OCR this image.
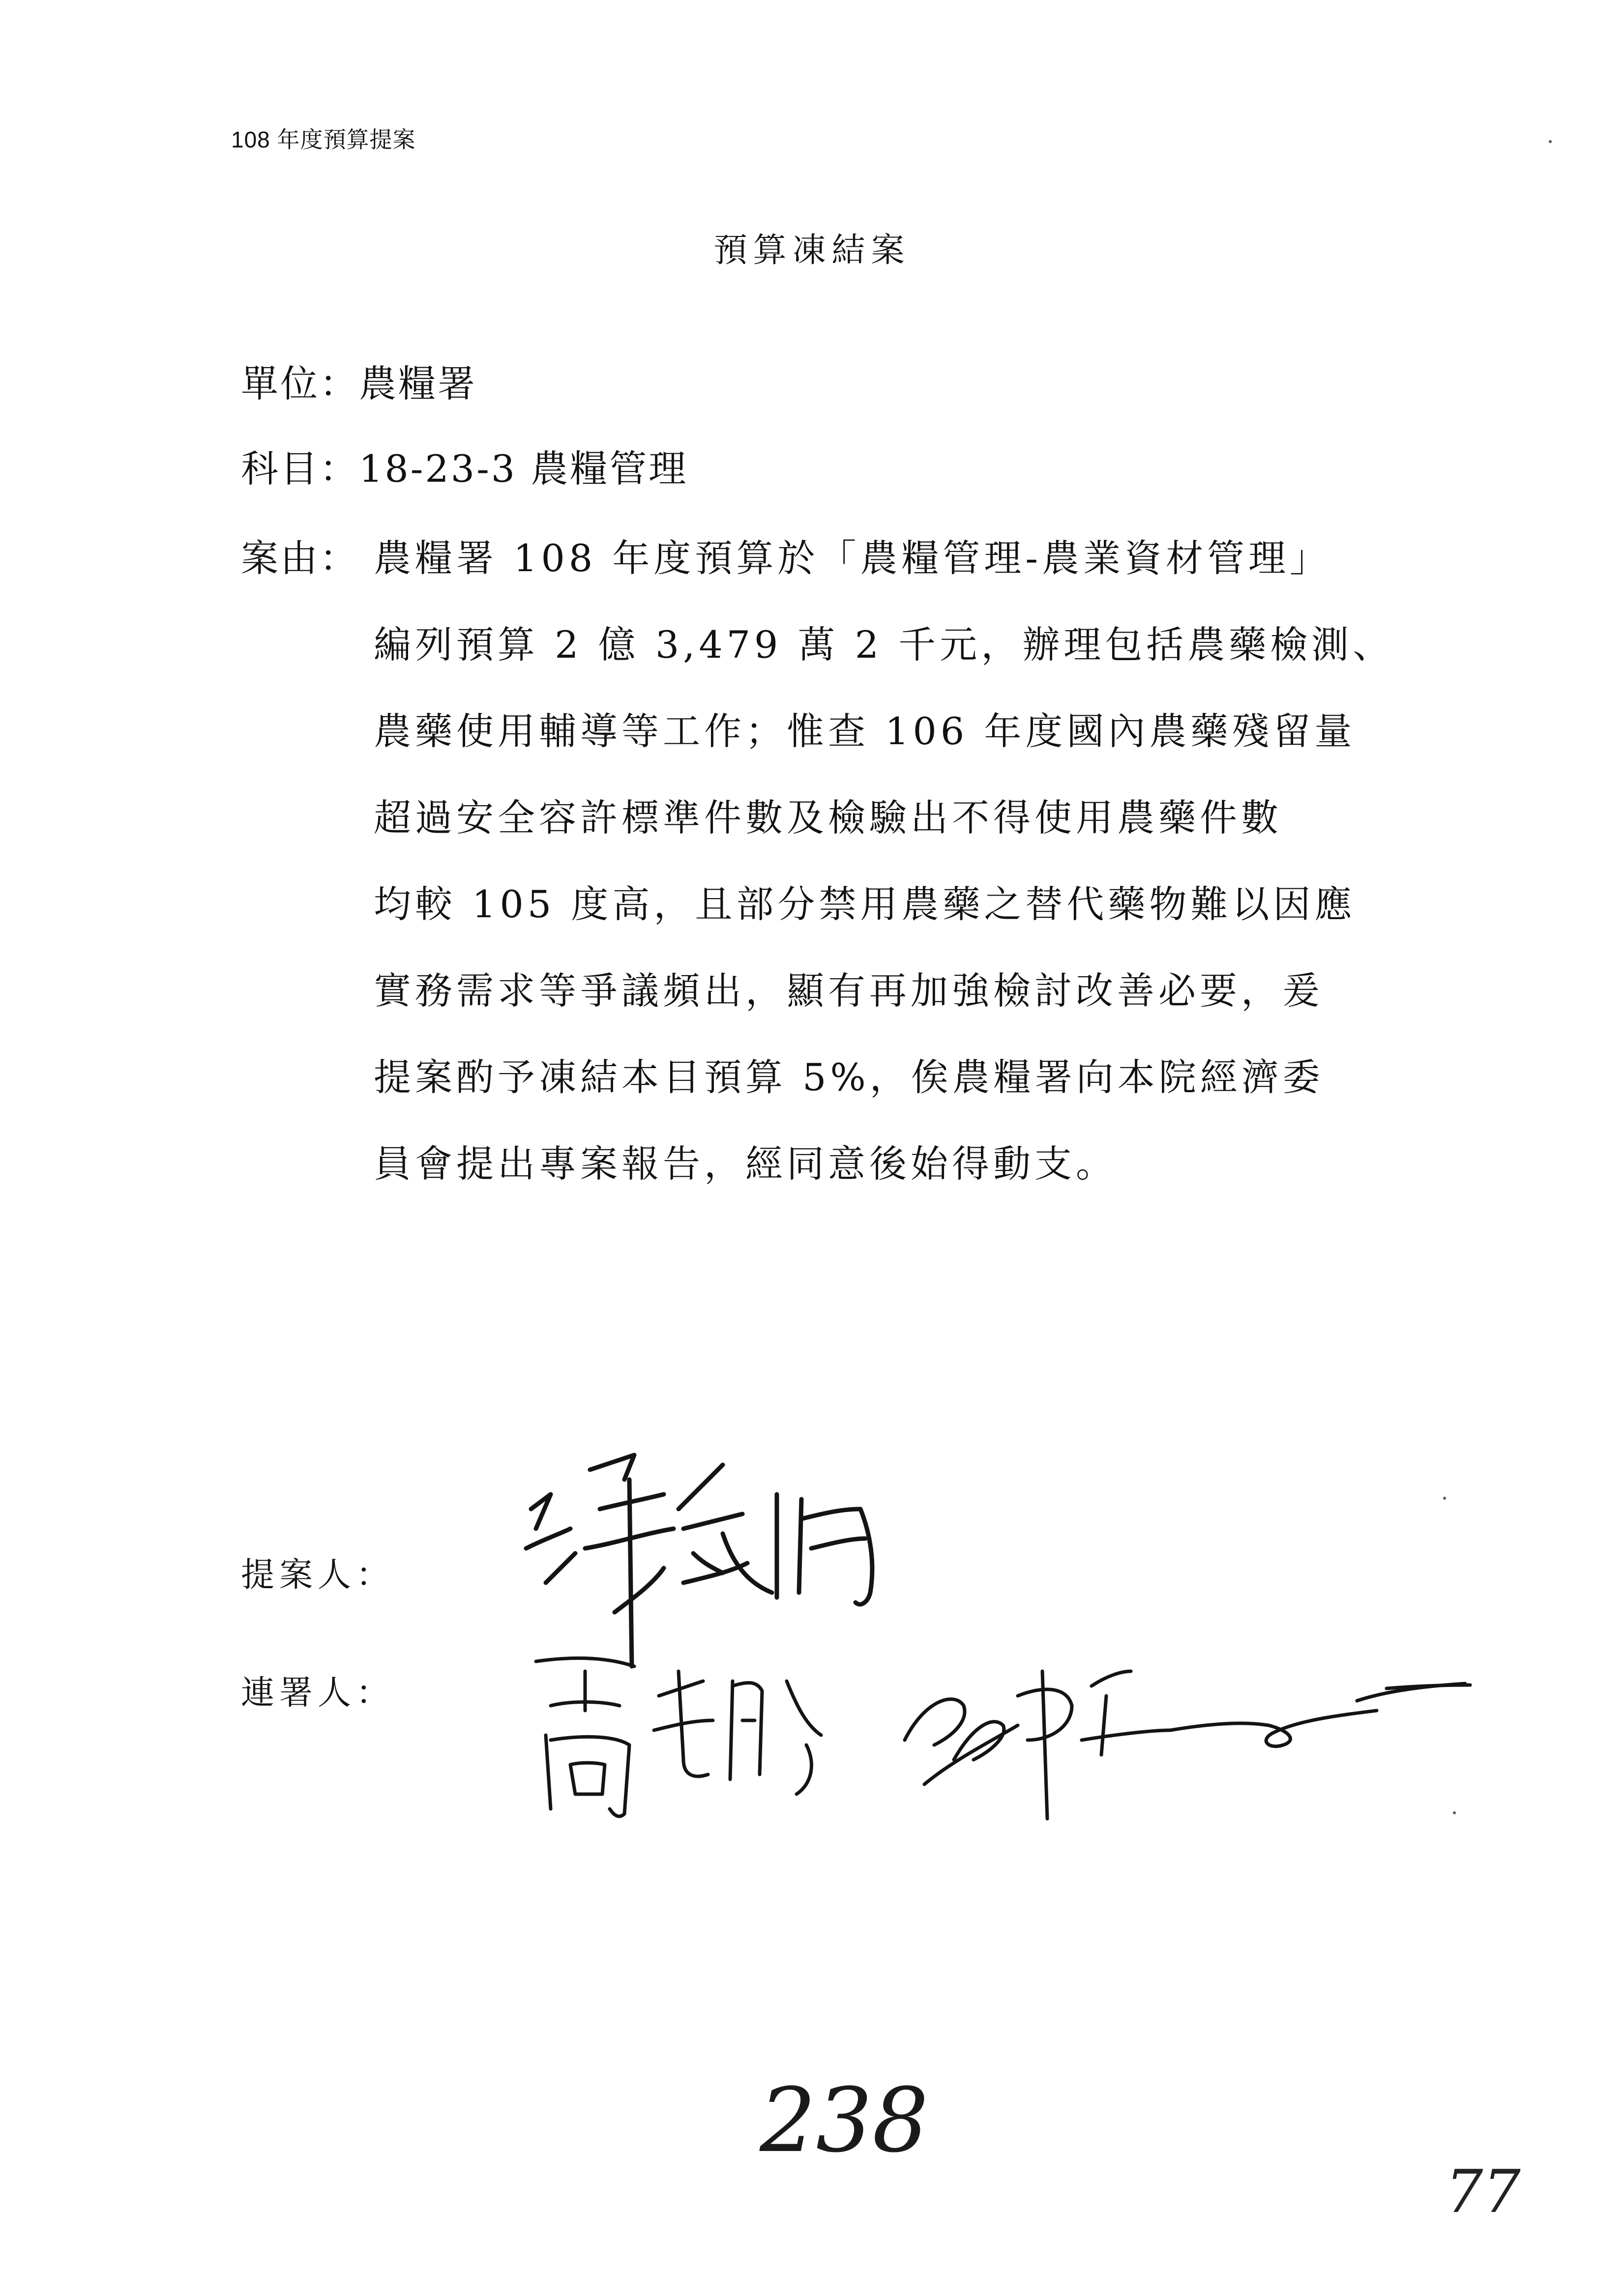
108 年度預算提案
預算凍結案
單位：農糧署
科目：18-23-3 農糧管理
案由： 農糧署 108 年度預算於「農糧管理-農業資材管理」
編列預算 2 億 3,479 萬 2 千元，辦理包括農藥檢測、
農藥使用輔導等工作；惟查 106 年度國內農藥殘留量
超過安全容許標準件數及檢驗出不得使用農藥件數
均較 105 度高，且部分禁用農藥之替代藥物難以因應
實務需求等爭議頻出，顯有再加強檢討改善必要，爰
提案酌予凍結本目預算 5%，俟農糧署向本院經濟委
員會提出專案報告，經同意後始得動支。
提案人：
連署人：
238
77
